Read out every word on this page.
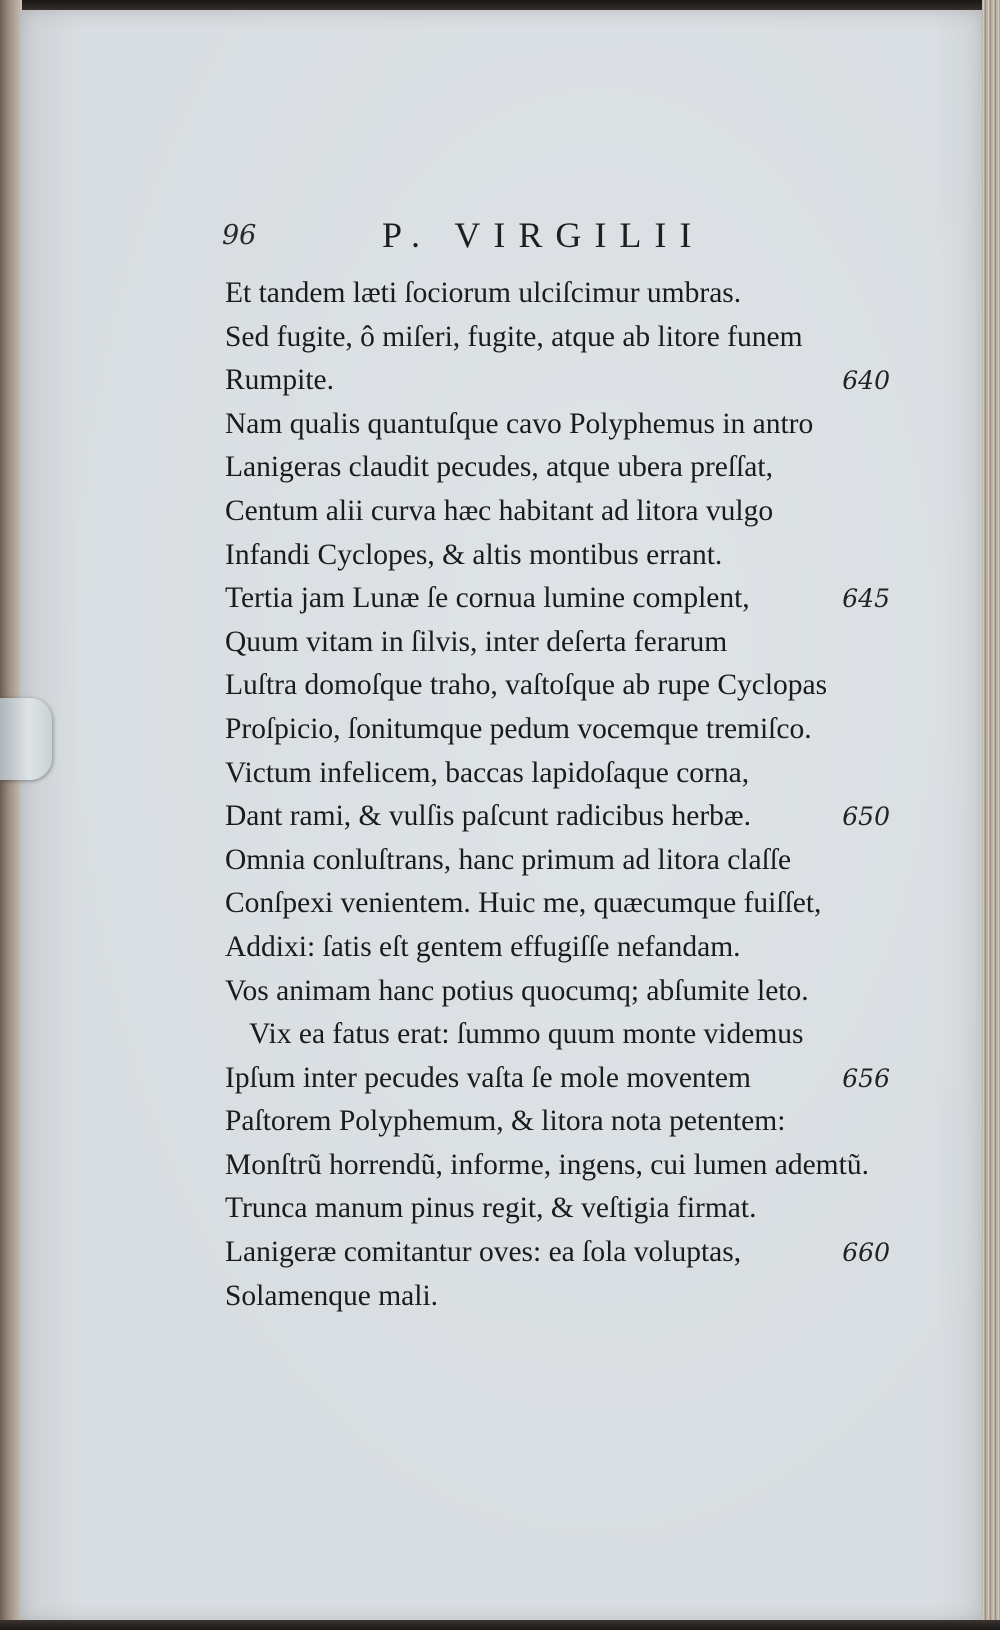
96	P. VIRGILII
Et tandem læti ſociorum ulciſcimur umbras.
Sed fugite, ô miſeri, fugite, atque ab litore funem
Rumpite.	640
Nam qualis quantuſque cavo Polyphemus in antro
Lanigeras claudit pecudes, atque ubera preſſat,
Centum alii curva hæc habitant ad litora vulgo
Infandi Cyclopes, & altis montibus errant.
Tertia jam Lunæ ſe cornua lumine complent,	645
Quum vitam in ſilvis, inter deſerta ferarum
Luſtra domoſque traho, vaſtoſque ab rupe Cyclopas
Proſpicio, ſonitumque pedum vocemque tremiſco.
Victum infelicem, baccas lapidoſaque corna,
Dant rami, & vulſis paſcunt radicibus herbæ.	650
Omnia conluſtrans, hanc primum ad litora claſſe
Conſpexi venientem. Huic me, quæcumque fuiſſet,
Addixi: ſatis eſt gentem effugiſſe nefandam.
Vos animam hanc potius quocumq; abſumite leto.
Vix ea fatus erat: ſummo quum monte videmus
Ipſum inter pecudes vaſta ſe mole moventem	656
Paſtorem Polyphemum, & litora nota petentem:
Monſtrũ horrendũ, informe, ingens, cui lumen ademtũ.
Trunca manum pinus regit, & veſtigia firmat.
Lanigeræ comitantur oves: ea ſola voluptas,	660
Solamenque mali.
